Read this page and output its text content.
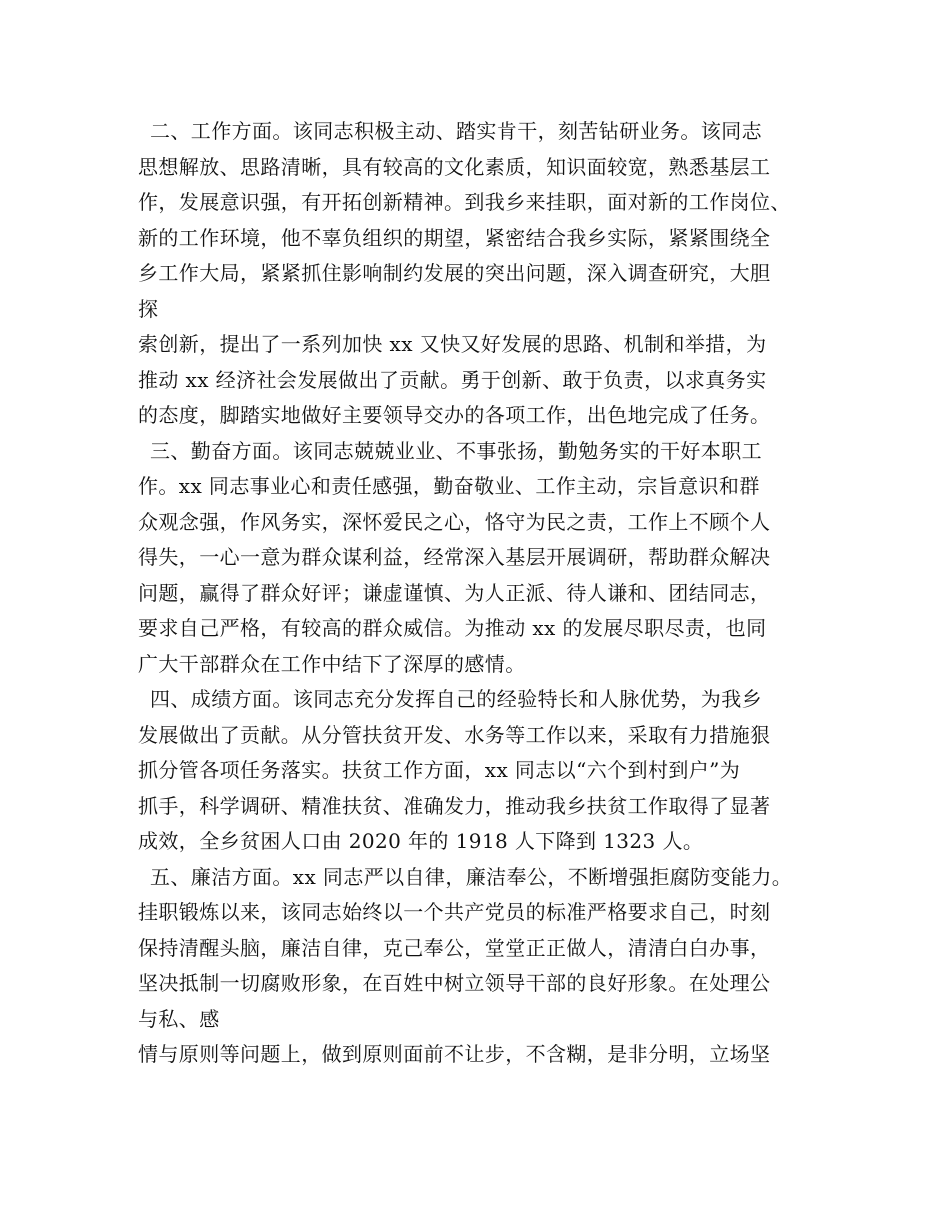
二、工作方面。该同志积极主动、踏实肯干，刻苦钻研业务。该同志
思想解放、思路清晰，具有较高的文化素质，知识面较宽，熟悉基层工
作，发展意识强，有开拓创新精神。到我乡来挂职，面对新的工作岗位、
新的工作环境，他不辜负组织的期望，紧密结合我乡实际，紧紧围绕全
乡工作大局，紧紧抓住影响制约发展的突出问题，深入调查研究，大胆
探
索创新，提出了一系列加快 xx 又快又好发展的思路、机制和举措，为
推动 xx 经济社会发展做出了贡献。勇于创新、敢于负责，以求真务实
的态度，脚踏实地做好主要领导交办的各项工作，出色地完成了任务。
三、勤奋方面。该同志兢兢业业、不事张扬，勤勉务实的干好本职工
作。xx 同志事业心和责任感强，勤奋敬业、工作主动，宗旨意识和群
众观念强，作风务实，深怀爱民之心，恪守为民之责，工作上不顾个人
得失，一心一意为群众谋利益，经常深入基层开展调研，帮助群众解决
问题，赢得了群众好评；谦虚谨慎、为人正派、待人谦和、团结同志，
要求自己严格，有较高的群众威信。为推动 xx 的发展尽职尽责，也同
广大干部群众在工作中结下了深厚的感情。
四、成绩方面。该同志充分发挥自己的经验特长和人脉优势，为我乡
发展做出了贡献。从分管扶贫开发、水务等工作以来，采取有力措施狠
抓分管各项任务落实。扶贫工作方面，xx 同志以“六个到村到户”为
抓手，科学调研、精准扶贫、准确发力，推动我乡扶贫工作取得了显著
成效，全乡贫困人口由 2020 年的 1918 人下降到 1323 人。
五、廉洁方面。xx 同志严以自律，廉洁奉公，不断增强拒腐防变能力。
挂职锻炼以来，该同志始终以一个共产党员的标准严格要求自己，时刻
保持清醒头脑，廉洁自律，克己奉公，堂堂正正做人，清清白白办事，
坚决抵制一切腐败形象，在百姓中树立领导干部的良好形象。在处理公
与私、感
情与原则等问题上，做到原则面前不让步，不含糊，是非分明，立场坚
